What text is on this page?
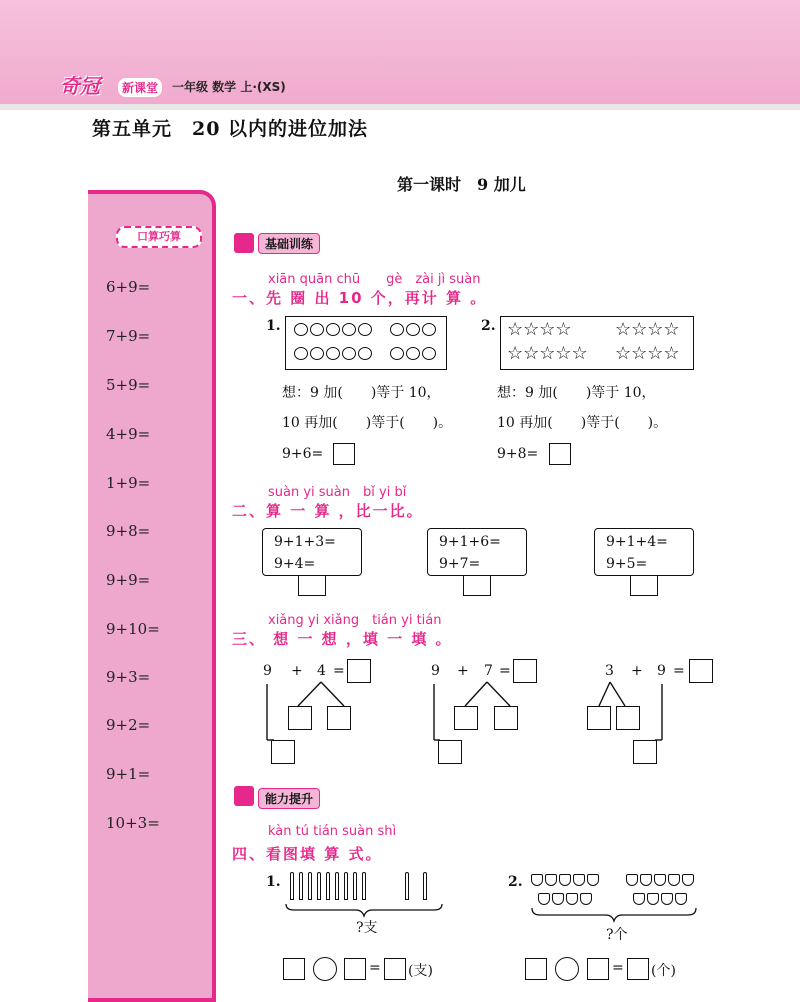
奇冠	新课堂	一年级 数学 上·(XS)
第五单元　20 以内的进位加法
第一课时　9 加儿
口算巧算
6+9=
7+9=
5+9=
4+9=
1+9=
9+8=
9+9=
9+10=
9+3=
9+2=
9+1=
10+3=
基础训练
xiān quān chū　　gè　zài jì suàn
一、先 圈 出 10 个，再计 算 。
1.	2. ☆☆☆☆ ☆☆☆☆
☆☆☆☆☆ ☆☆☆☆
想：9 加(　　)等于 10，
10 再加(　　)等于(　　)。
9+6=
想：9 加(　　)等于 10，
10 再加(　　)等于(　　)。
9+8=
suàn yi suàn　bǐ yi bǐ
二、算 一 算 ，比一比。
9+1+3=
9+4=
9+1+6=
9+7=
9+1+4=
9+5=
xiǎng yi xiǎng　tián yi tián
三、 想 一 想 ，填 一 填 。
9 + 4 =	9 + 7 =	3 + 9 =
能力提升
kàn tú tián suàn shì
四、看图填 算 式。
1.
?支
= (支)
2.
?个
= (个)
